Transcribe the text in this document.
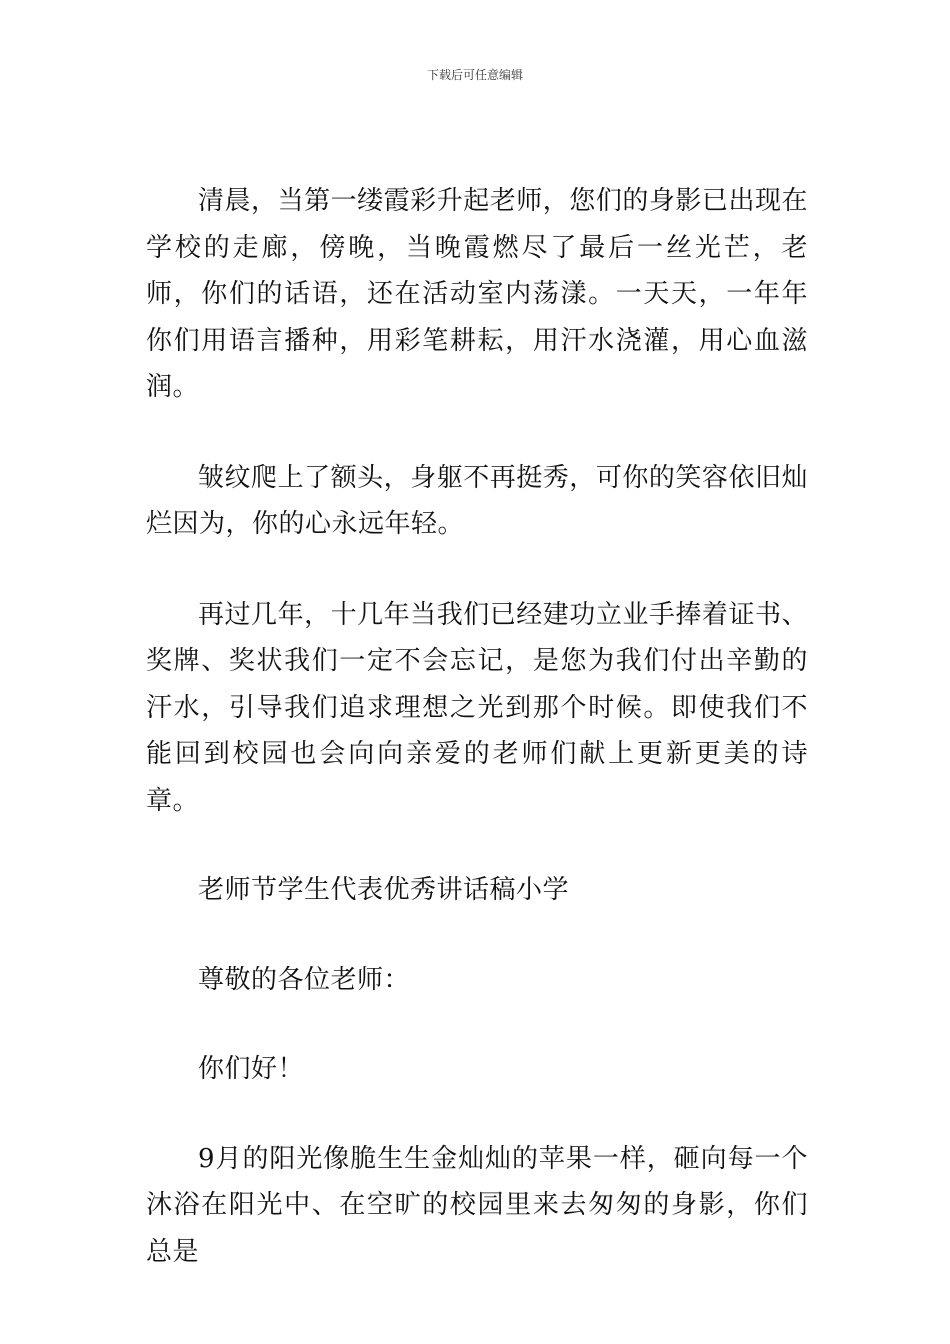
下载后可任意编辑

清晨，当第一缕霞彩升起老师，您们的身影已出现在学校的走廊，傍晚，当晚霞燃尽了最后一丝光芒，老师，你们的话语，还在活动室内荡漾。一天天，一年年你们用语言播种，用彩笔耕耘，用汗水浇灌，用心血滋润。

皱纹爬上了额头，身躯不再挺秀，可你的笑容依旧灿烂因为，你的心永远年轻。

再过几年，十几年当我们已经建功立业手捧着证书、奖牌、奖状我们一定不会忘记，是您为我们付出辛勤的汗水，引导我们追求理想之光到那个时候。即使我们不能回到校园也会向向亲爱的老师们献上更新更美的诗章。

老师节学生代表优秀讲话稿小学

尊敬的各位老师：

你们好！

9月的阳光像脆生生金灿灿的苹果一样，砸向每一个沐浴在阳光中、在空旷的校园里来去匆匆的身影，你们总是
